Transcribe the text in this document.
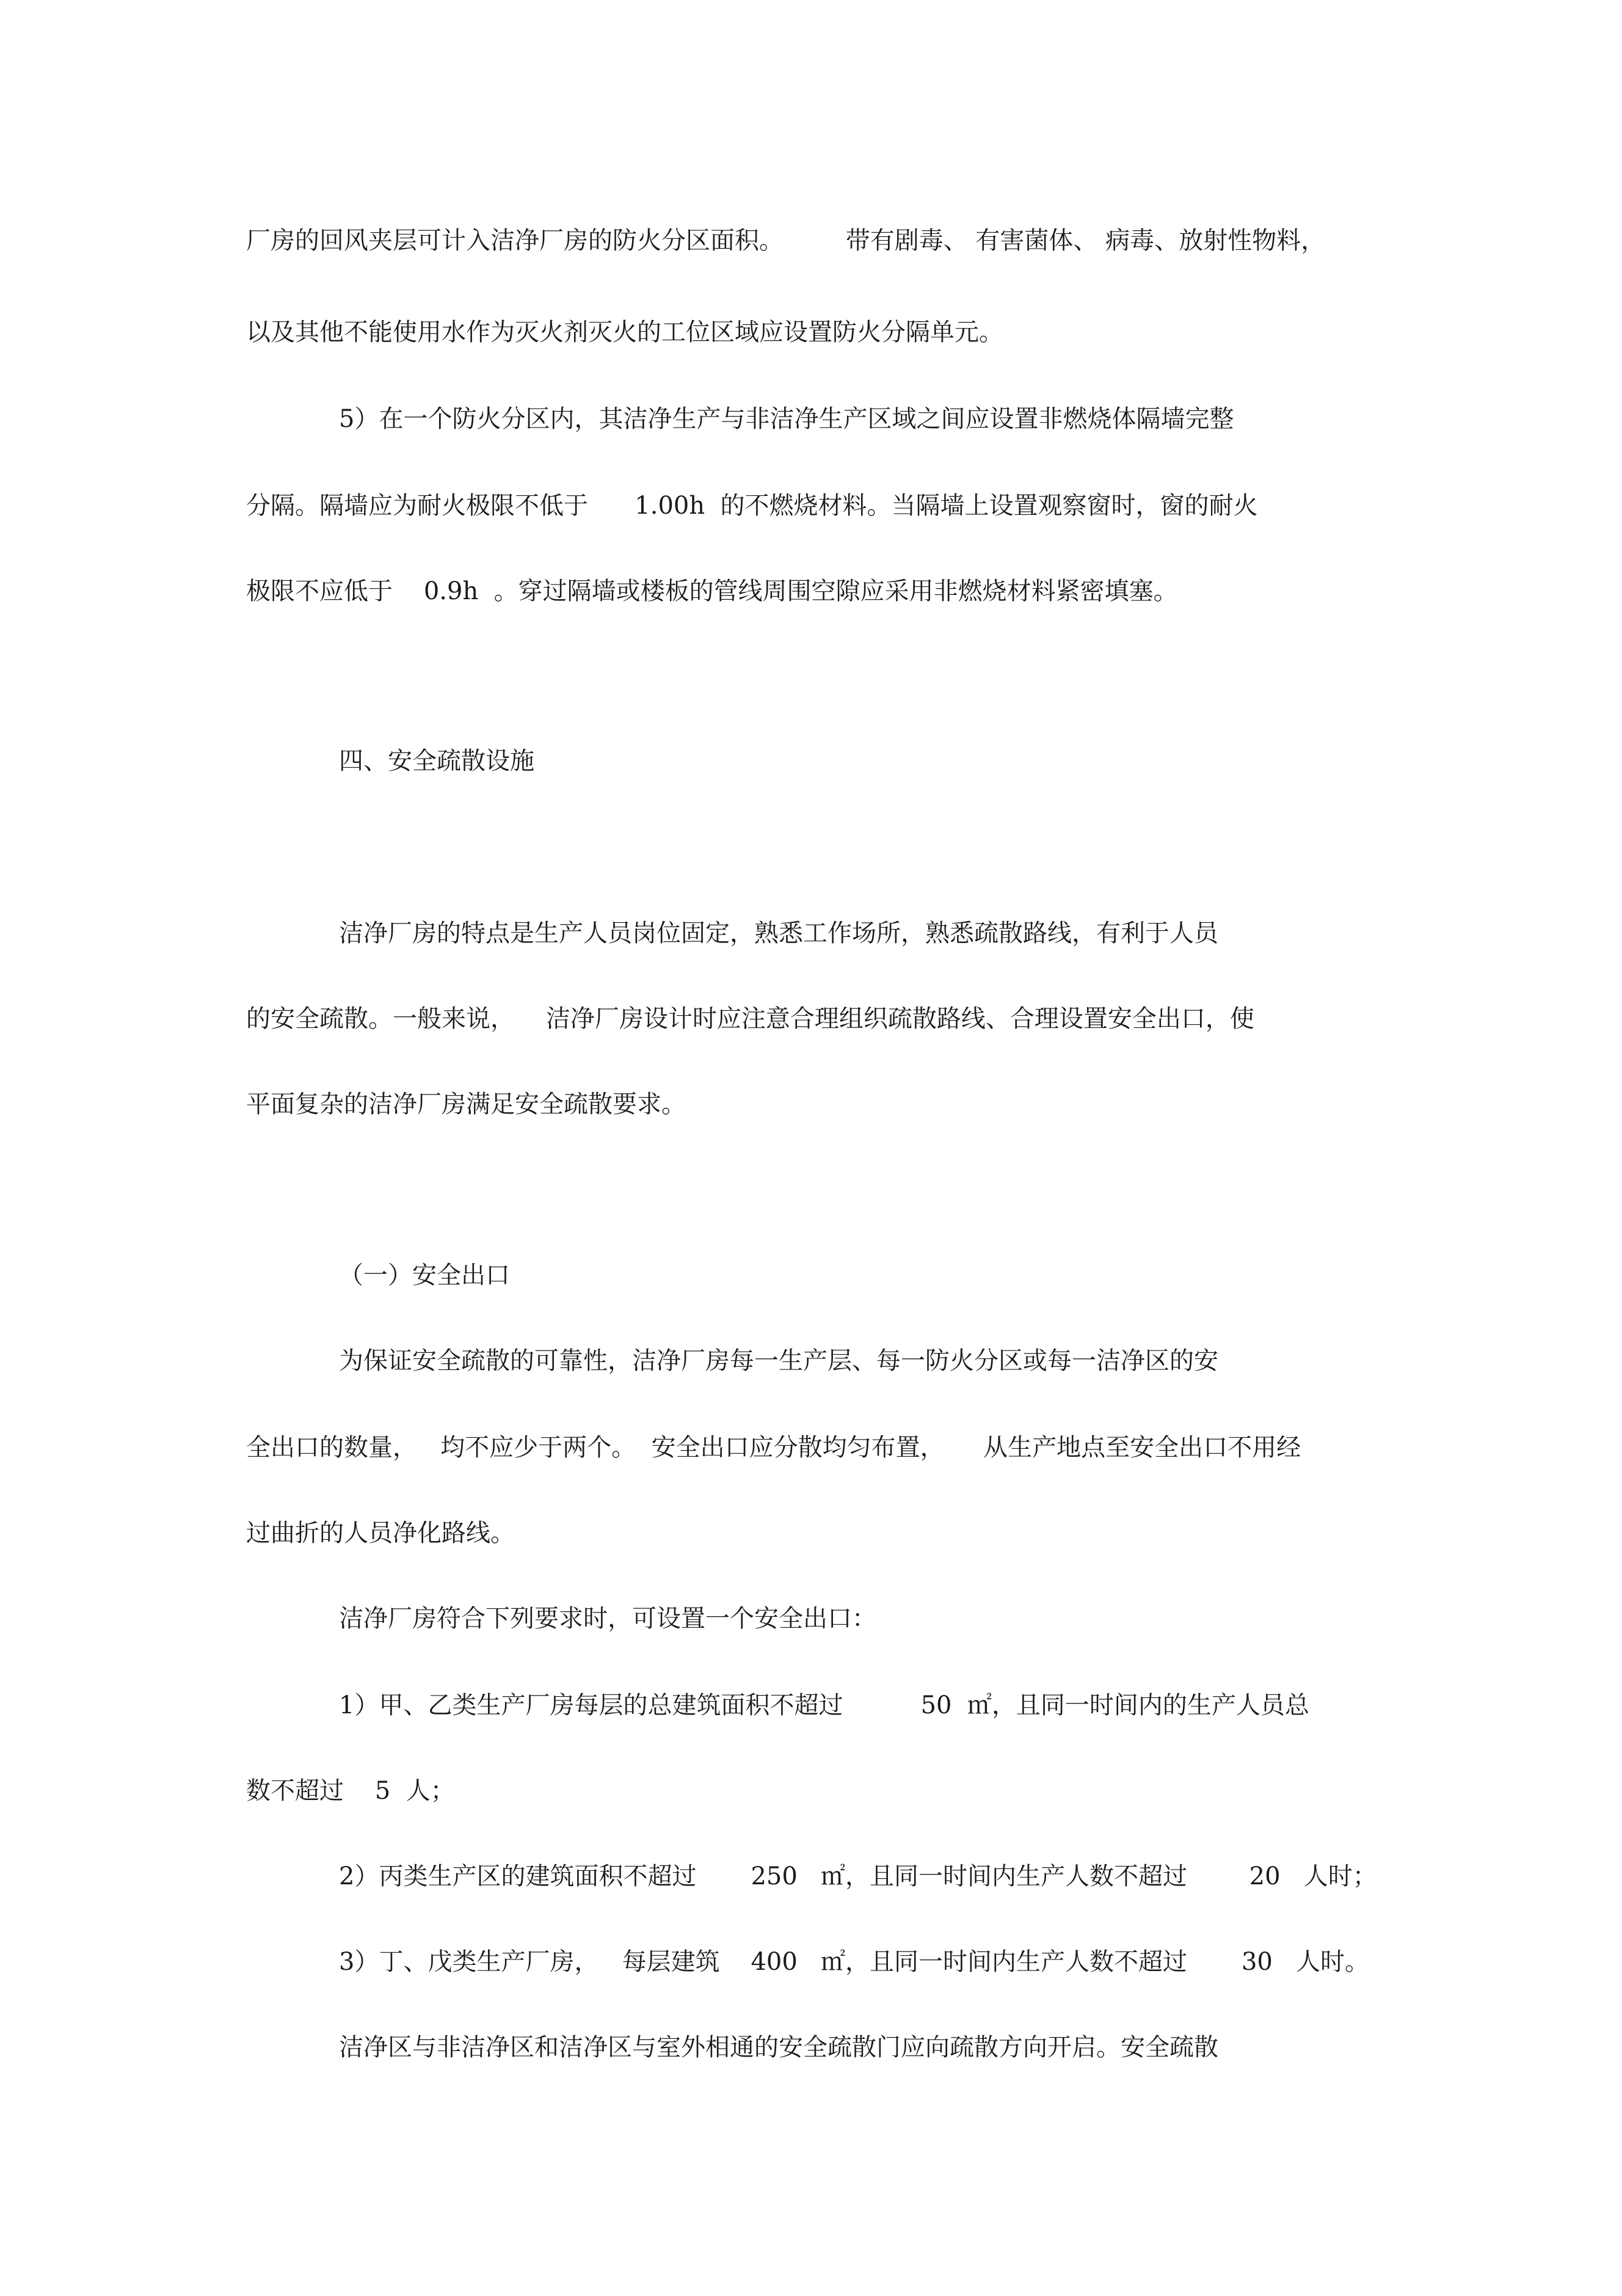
厂房的回风夹层可计入洁净厂房的防火分区面积。        带有剧毒、 有害菌体、 病毒、放射性物料，
以及其他不能使用水作为灭火剂灭火的工位区域应设置防火分隔单元。
5）在一个防火分区内，其洁净生产与非洁净生产区域之间应设置非燃烧体隔墙完整
分隔。隔墙应为耐火极限不低于      1.00h  的不燃烧材料。当隔墙上设置观察窗时，窗的耐火
极限不应低于    0.9h  。穿过隔墙或楼板的管线周围空隙应采用非燃烧材料紧密填塞。
四、安全疏散设施
洁净厂房的特点是生产人员岗位固定，熟悉工作场所，熟悉疏散路线，有利于人员
的安全疏散。一般来说，    洁净厂房设计时应注意合理组织疏散路线、合理设置安全出口，使
平面复杂的洁净厂房满足安全疏散要求。
（一）安全出口
为保证安全疏散的可靠性，洁净厂房每一生产层、每一防火分区或每一洁净区的安
全出口的数量，   均不应少于两个。  安全出口应分散均匀布置，     从生产地点至安全出口不用经
过曲折的人员净化路线。
洁净厂房符合下列要求时，可设置一个安全出口：
1）甲、乙类生产厂房每层的总建筑面积不超过          50  ㎡，且同一时间内的生产人员总
数不超过    5  人；
2）丙类生产区的建筑面积不超过       250   ㎡，且同一时间内生产人数不超过        20   人时；
3）丁、戊类生产厂房，   每层建筑    400   ㎡，且同一时间内生产人数不超过       30   人时。
洁净区与非洁净区和洁净区与室外相通的安全疏散门应向疏散方向开启。安全疏散
